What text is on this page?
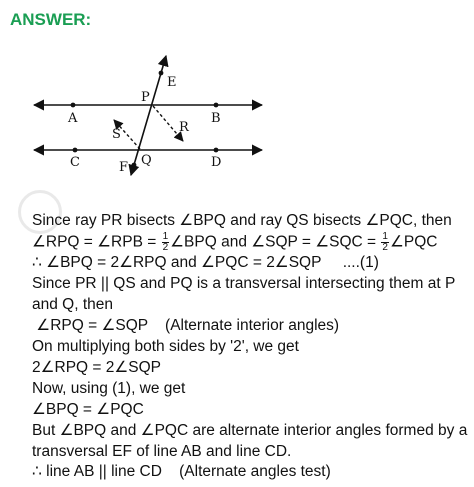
ANSWER:
E
P
A	B
S	R
C	D
F Q
Since ray PR bisects ∠BPQ and ray QS bisects ∠PQC, then
∠RPQ = ∠RPB = $\frac{1}{2}$ ∠BPQ and ∠SQP = ∠SQC = $\frac{1}{2}$ ∠PQC
∴ ∠BPQ = 2∠RPQ and ∠PQC = 2∠SQP     ....(1)
Since PR || QS and PQ is a transversal intersecting them at P
and Q, then
∠RPQ = ∠SQP    (Alternate interior angles)
On multiplying both sides by '2', we get
2∠RPQ = 2∠SQP
Now, using (1), we get
∠BPQ = ∠PQC
But ∠BPQ and ∠PQC are alternate interior angles formed by a
transversal EF of line AB and line CD.
∴ line AB || line CD    (Alternate angles test)
